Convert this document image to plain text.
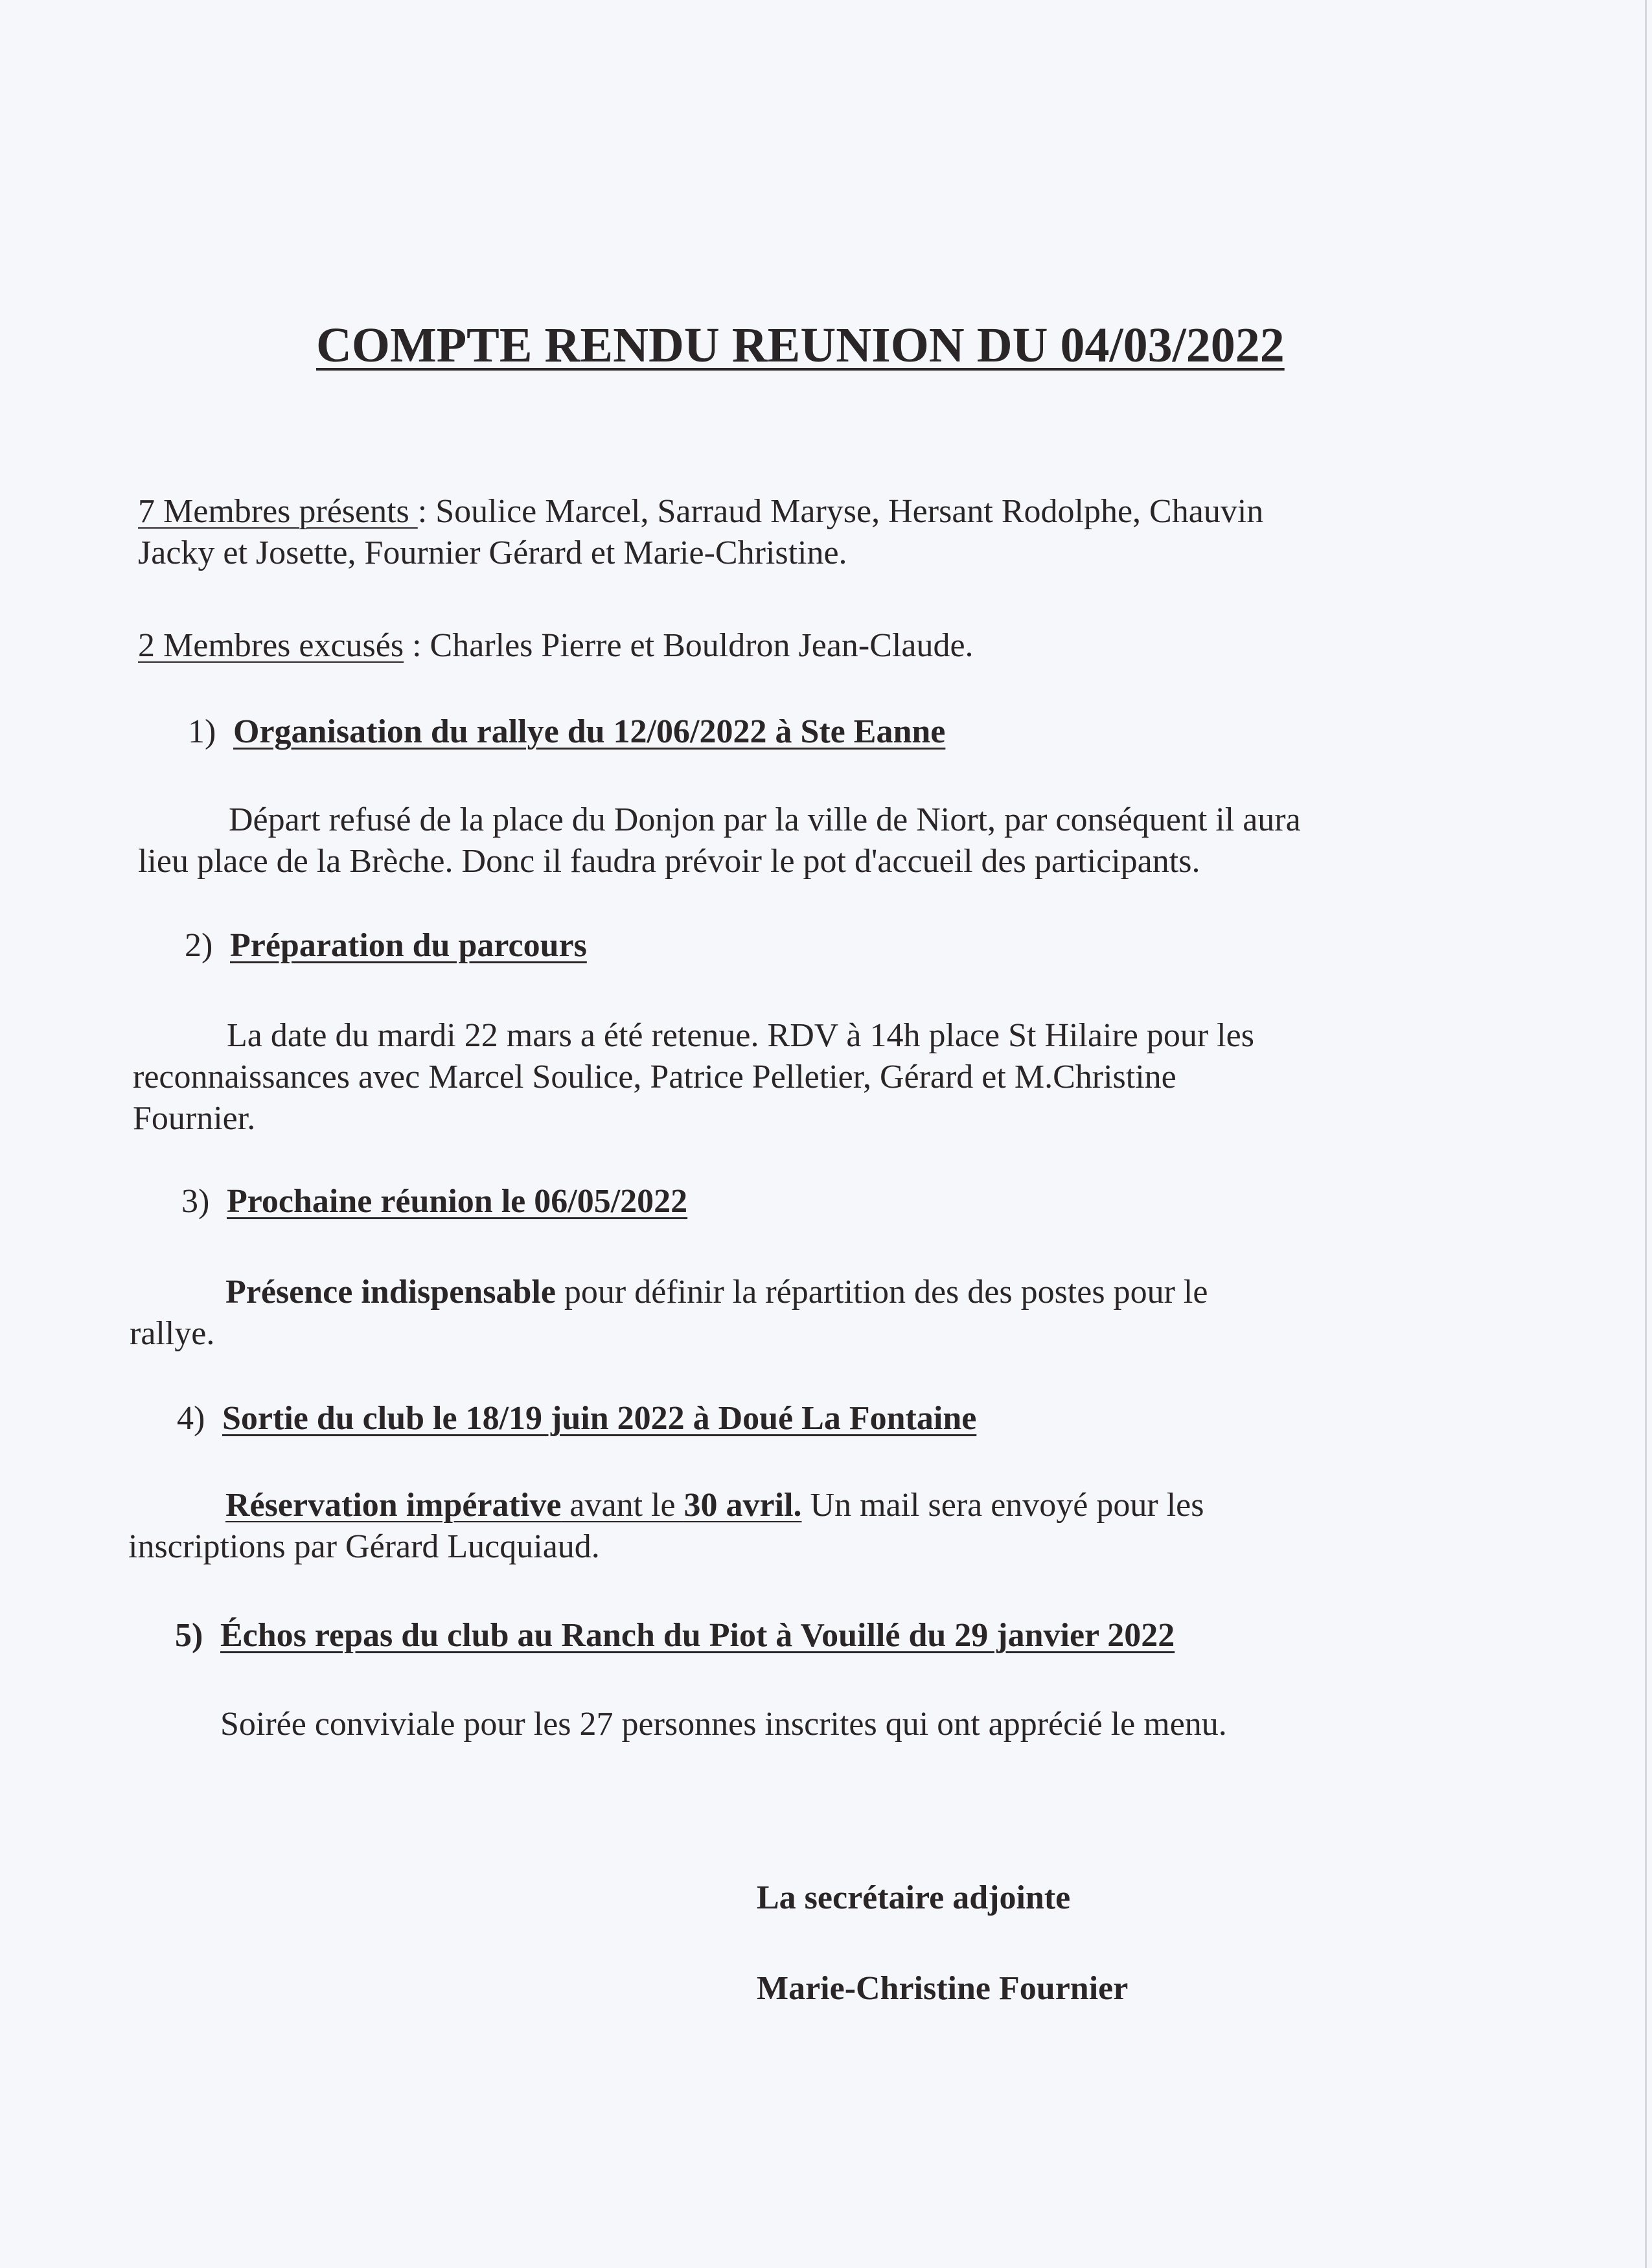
COMPTE RENDU REUNION DU 04/03/2022
7 Membres présents : Soulice Marcel, Sarraud Maryse, Hersant Rodolphe, Chauvin
Jacky et Josette, Fournier Gérard et Marie-Christine.
2 Membres excusés : Charles Pierre et Bouldron Jean-Claude.
1) Organisation du rallye du 12/06/2022 à Ste Eanne
Départ refusé de la place du Donjon par la ville de Niort, par conséquent il aura
lieu place de la Brèche. Donc il faudra prévoir le pot d'accueil des participants.
2) Préparation du parcours
La date du mardi 22 mars a été retenue. RDV à 14h place St Hilaire pour les
reconnaissances avec Marcel Soulice, Patrice Pelletier, Gérard et M.Christine
Fournier.
3) Prochaine réunion le 06/05/2022
Présence indispensable pour définir la répartition des des postes pour le
rallye.
4) Sortie du club le 18/19 juin 2022 à Doué La Fontaine
Réservation impérative avant le 30 avril. Un mail sera envoyé pour les
inscriptions par Gérard Lucquiaud.
5) Échos repas du club au Ranch du Piot à Vouillé du 29 janvier 2022
Soirée conviviale pour les 27 personnes inscrites qui ont apprécié le menu.
La secrétaire adjointe
Marie-Christine Fournier
